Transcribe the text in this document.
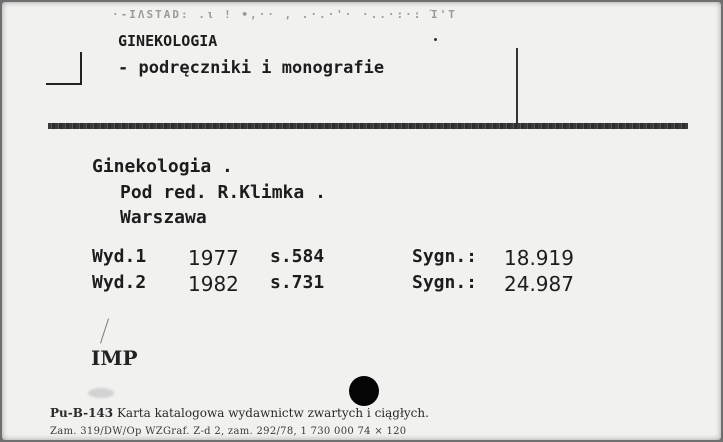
·-ΙΛSTAD: .ι ! •,·· , .·.·'· ·..·:·: Ί'Τ
GINEKOLOGIA
- podręczniki i monografie
Ginekologia .
Pod red. R.Klimka .
Warszawa
Wyd.1 1977 s.584	Sygn.: 18.919
Wyd.2 1982 s.731	Sygn.: 24.987
IMP
Pu-B-143 Karta katalogowa wydawnictw zwartych i ciągłych.
Zam. 319/DW/Op WZGraf. Z-d 2, zam. 292/78, 1 730 000 74 × 120
